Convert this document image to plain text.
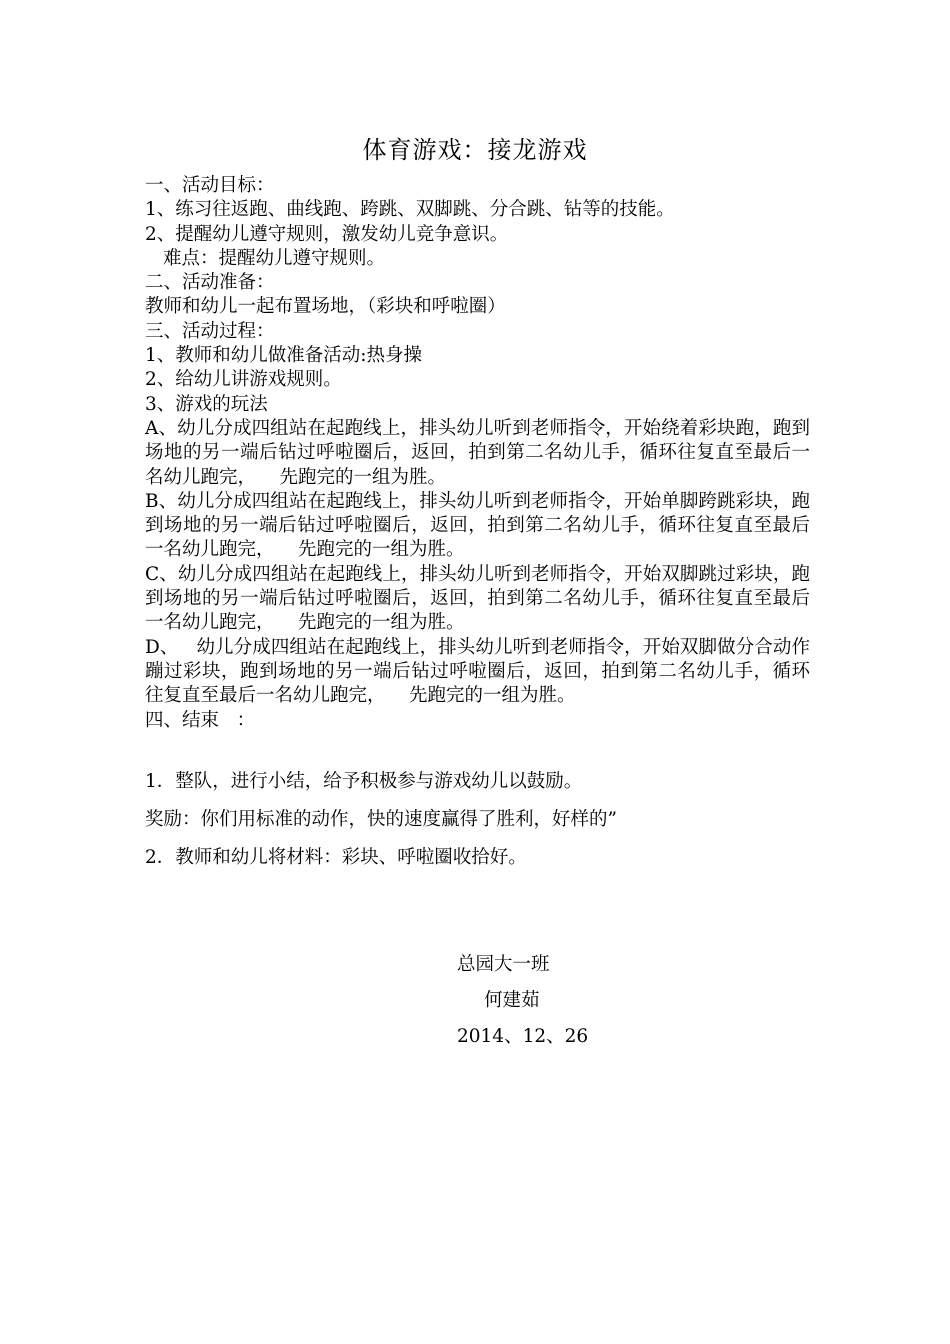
体育游戏：接龙游戏

一、活动目标：

1、练习往返跑、曲线跑、跨跳、双脚跳、分合跳、钻等的技能。

2、提醒幼儿遵守规则，激发幼儿竞争意识。

难点：提醒幼儿遵守规则。

二、活动准备：

教师和幼儿一起布置场地，（彩块和呼啦圈）

三、活动过程：

1、教师和幼儿做准备活动:热身操

2、给幼儿讲游戏规则。

3、游戏的玩法

A、幼儿分成四组站在起跑线上，排头幼儿听到老师指令，开始绕着彩块跑，跑到场地的另一端后钻过呼啦圈后，返回，拍到第二名幼儿手，循环往复直至最后一名幼儿跑完，    先跑完的一组为胜。

B、幼儿分成四组站在起跑线上，排头幼儿听到老师指令，开始单脚跨跳彩块，跑到场地的另一端后钻过呼啦圈后，返回，拍到第二名幼儿手，循环往复直至最后一名幼儿跑完，    先跑完的一组为胜。

C、幼儿分成四组站在起跑线上，排头幼儿听到老师指令，开始双脚跳过彩块，跑到场地的另一端后钻过呼啦圈后，返回，拍到第二名幼儿手，循环往复直至最后一名幼儿跑完，    先跑完的一组为胜。

D、   幼儿分成四组站在起跑线上，排头幼儿听到老师指令，开始双脚做分合动作蹦过彩块，跑到场地的另一端后钻过呼啦圈后，返回，拍到第二名幼儿手，循环往复直至最后一名幼儿跑完，    先跑完的一组为胜。

四、结束   ：

1．整队，进行小结，给予积极参与游戏幼儿以鼓励。
奖励：你们用标准的动作，快的速度赢得了胜利，好样的”
2．教师和幼儿将材料：彩块、呼啦圈收拾好。
总园大一班
何建茹
2014、12、26
